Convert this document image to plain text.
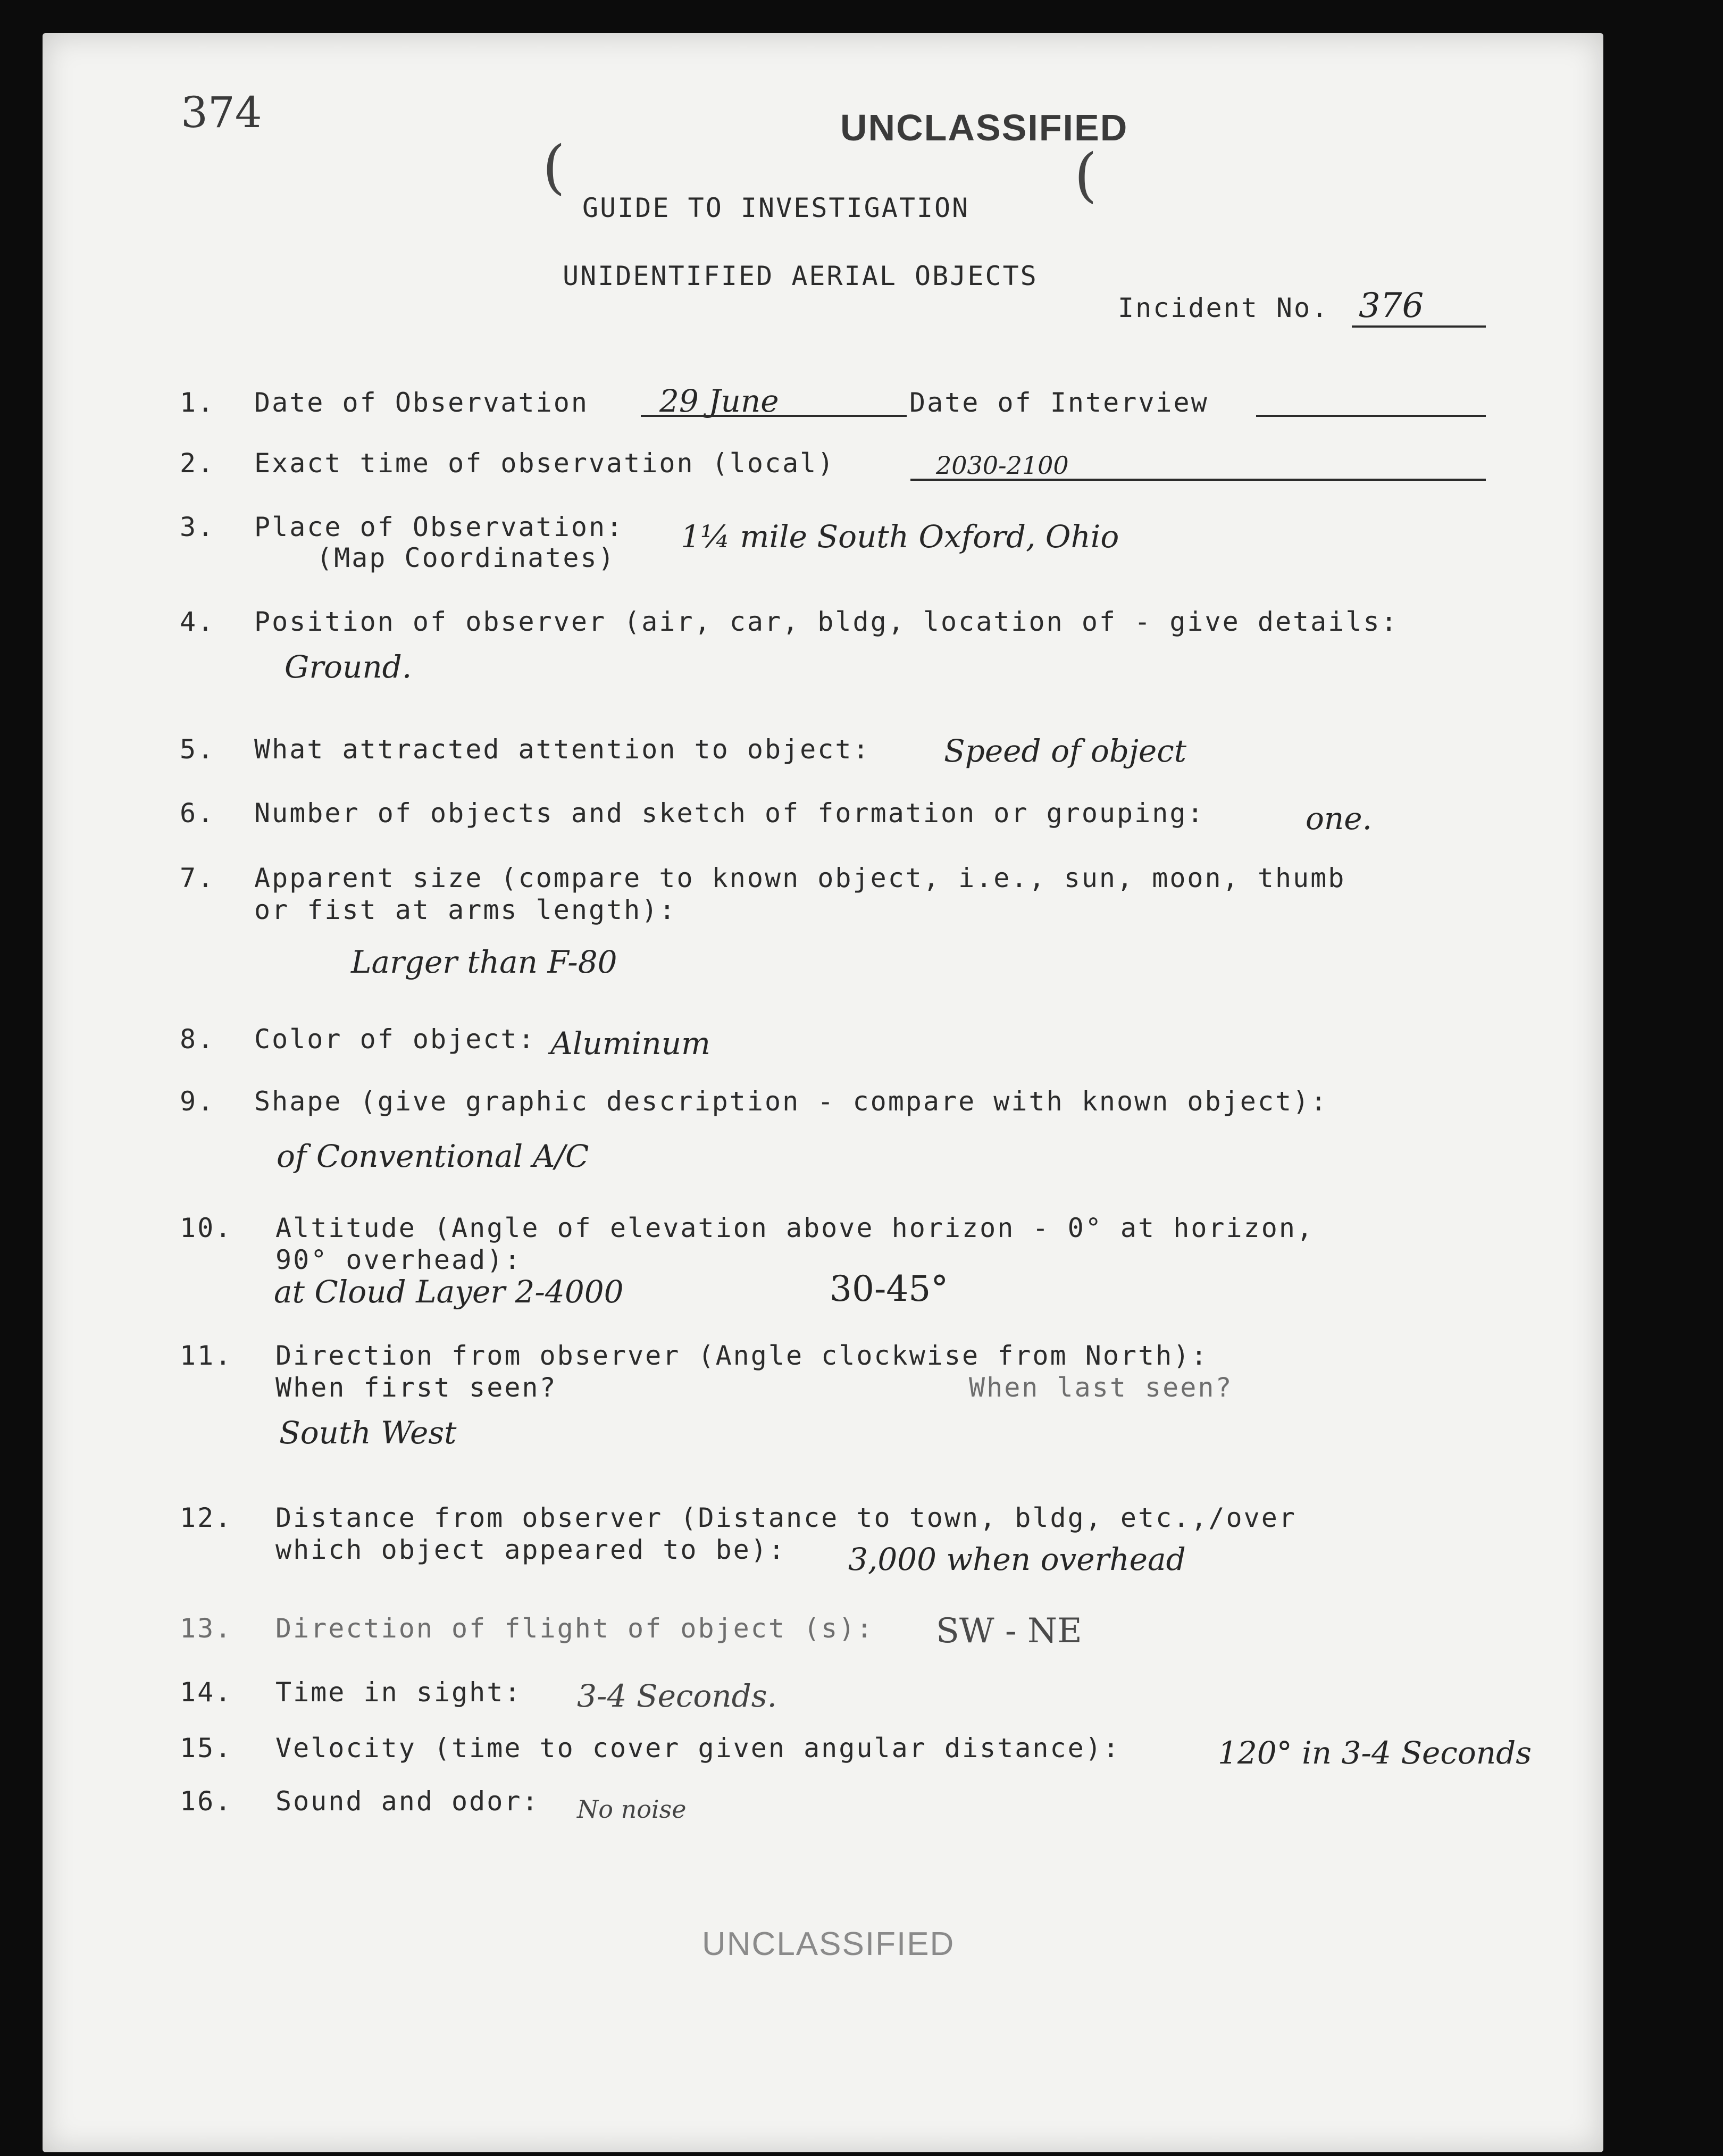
374	UNCLASSIFIED
(	(
GUIDE TO INVESTIGATION
UNIDENTIFIED AERIAL OBJECTS
Incident No. 376
1. Date of Observation 29 June	Date of Interview
2. Exact time of observation (local)	2030-2100
3. Place of Observation:
(Map Coordinates)
1¼ mile South Oxford, Ohio
4. Position of observer (air, car, bldg, location of - give details:
Ground.
5. What attracted attention to object: Speed of object
6. Number of objects and sketch of formation or grouping:	one.
7. Apparent size (compare to known object, i.e., sun, moon, thumb
or fist at arms length):
Larger than F-80
8. Color of object: Aluminum
9. Shape (give graphic description - compare with known object):
of Conventional A/C
10. Altitude (Angle of elevation above horizon - 0° at horizon,
90° overhead):
at Cloud Layer 2-4000	30-45°
11. Direction from observer (Angle clockwise from North):
When first seen?	When last seen?
South West
12. Distance from observer (Distance to town, bldg, etc.,/over
which object appeared to be): 3,000 when overhead
13. Direction of flight of object (s): SW - NE
14. Time in sight: 3-4 Seconds.
15. Velocity (time to cover given angular distance):	120° in 3-4 Seconds
16. Sound and odor: No noise
UNCLASSIFIED
